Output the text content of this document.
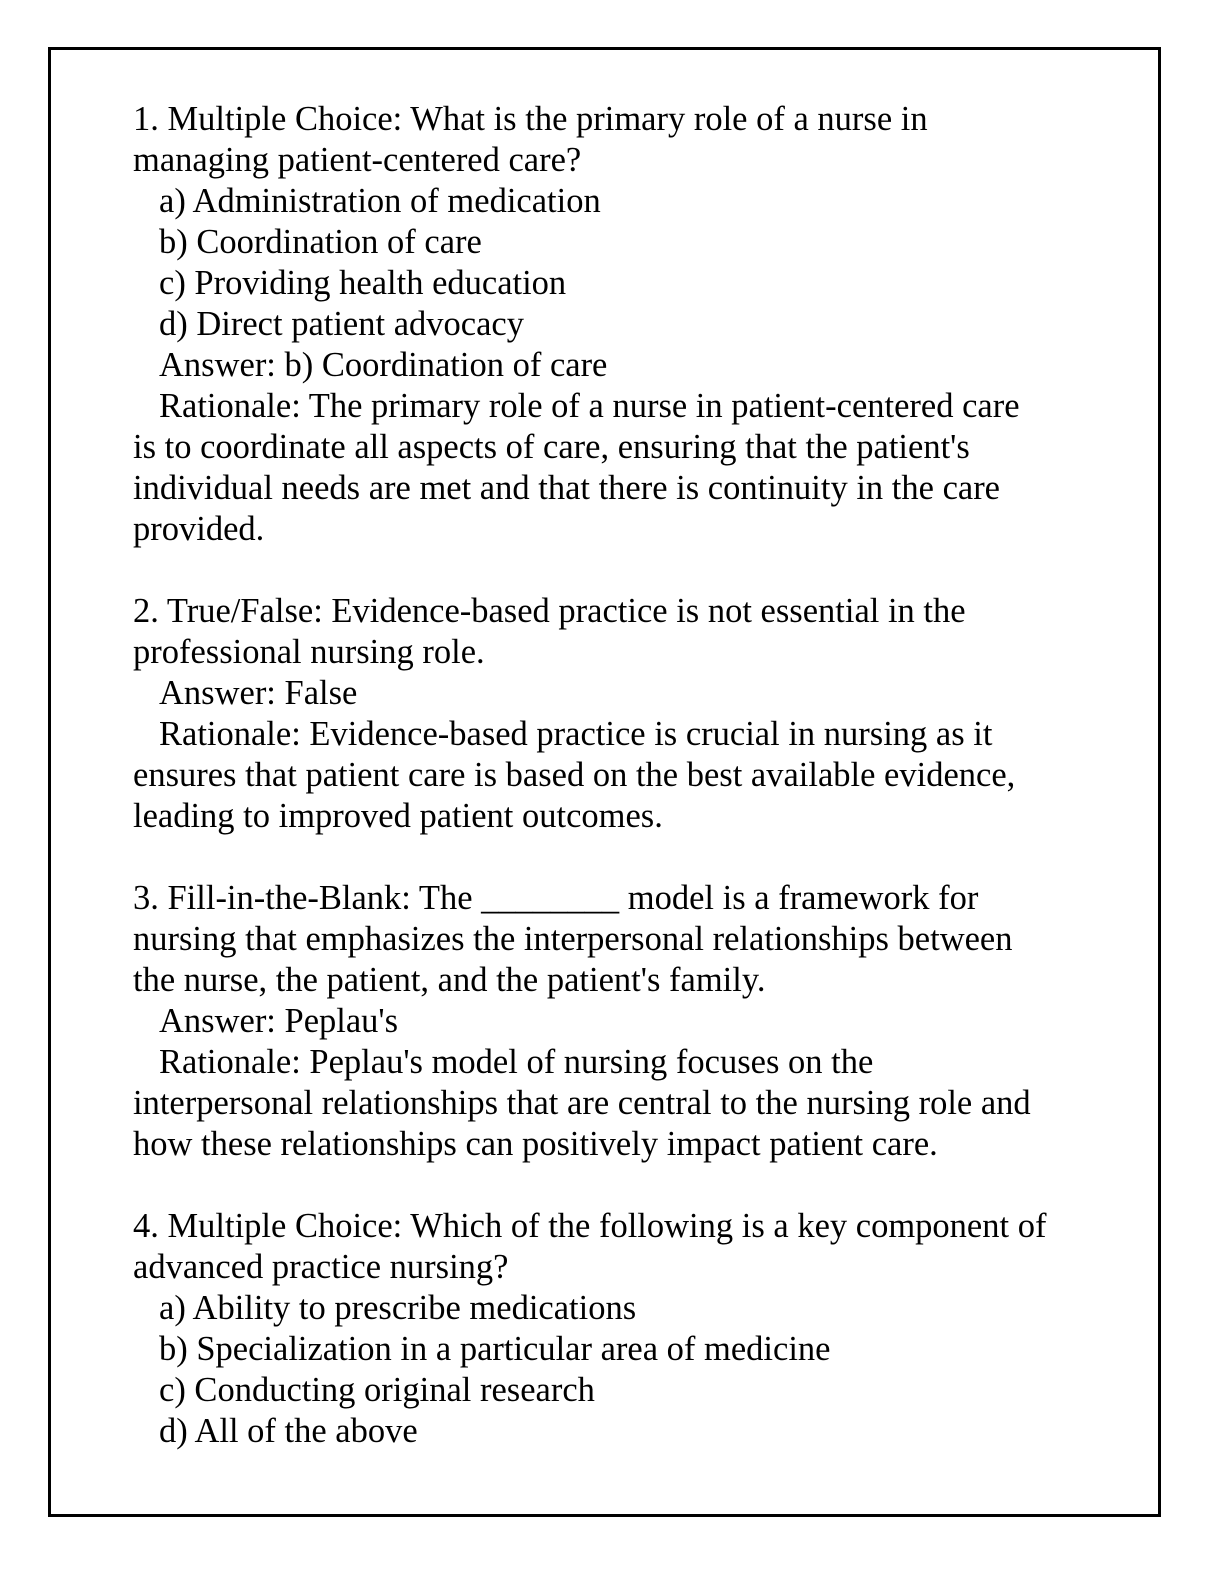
1. Multiple Choice: What is the primary role of a nurse in
managing patient-centered care?
a) Administration of medication
b) Coordination of care
c) Providing health education
d) Direct patient advocacy
Answer: b) Coordination of care
Rationale: The primary role of a nurse in patient-centered care
is to coordinate all aspects of care, ensuring that the patient's
individual needs are met and that there is continuity in the care
provided.
2. True/False: Evidence-based practice is not essential in the
professional nursing role.
Answer: False
Rationale: Evidence-based practice is crucial in nursing as it
ensures that patient care is based on the best available evidence,
leading to improved patient outcomes.
3. Fill-in-the-Blank: The ________ model is a framework for
nursing that emphasizes the interpersonal relationships between
the nurse, the patient, and the patient's family.
Answer: Peplau's
Rationale: Peplau's model of nursing focuses on the
interpersonal relationships that are central to the nursing role and
how these relationships can positively impact patient care.
4. Multiple Choice: Which of the following is a key component of
advanced practice nursing?
a) Ability to prescribe medications
b) Specialization in a particular area of medicine
c) Conducting original research
d) All of the above
